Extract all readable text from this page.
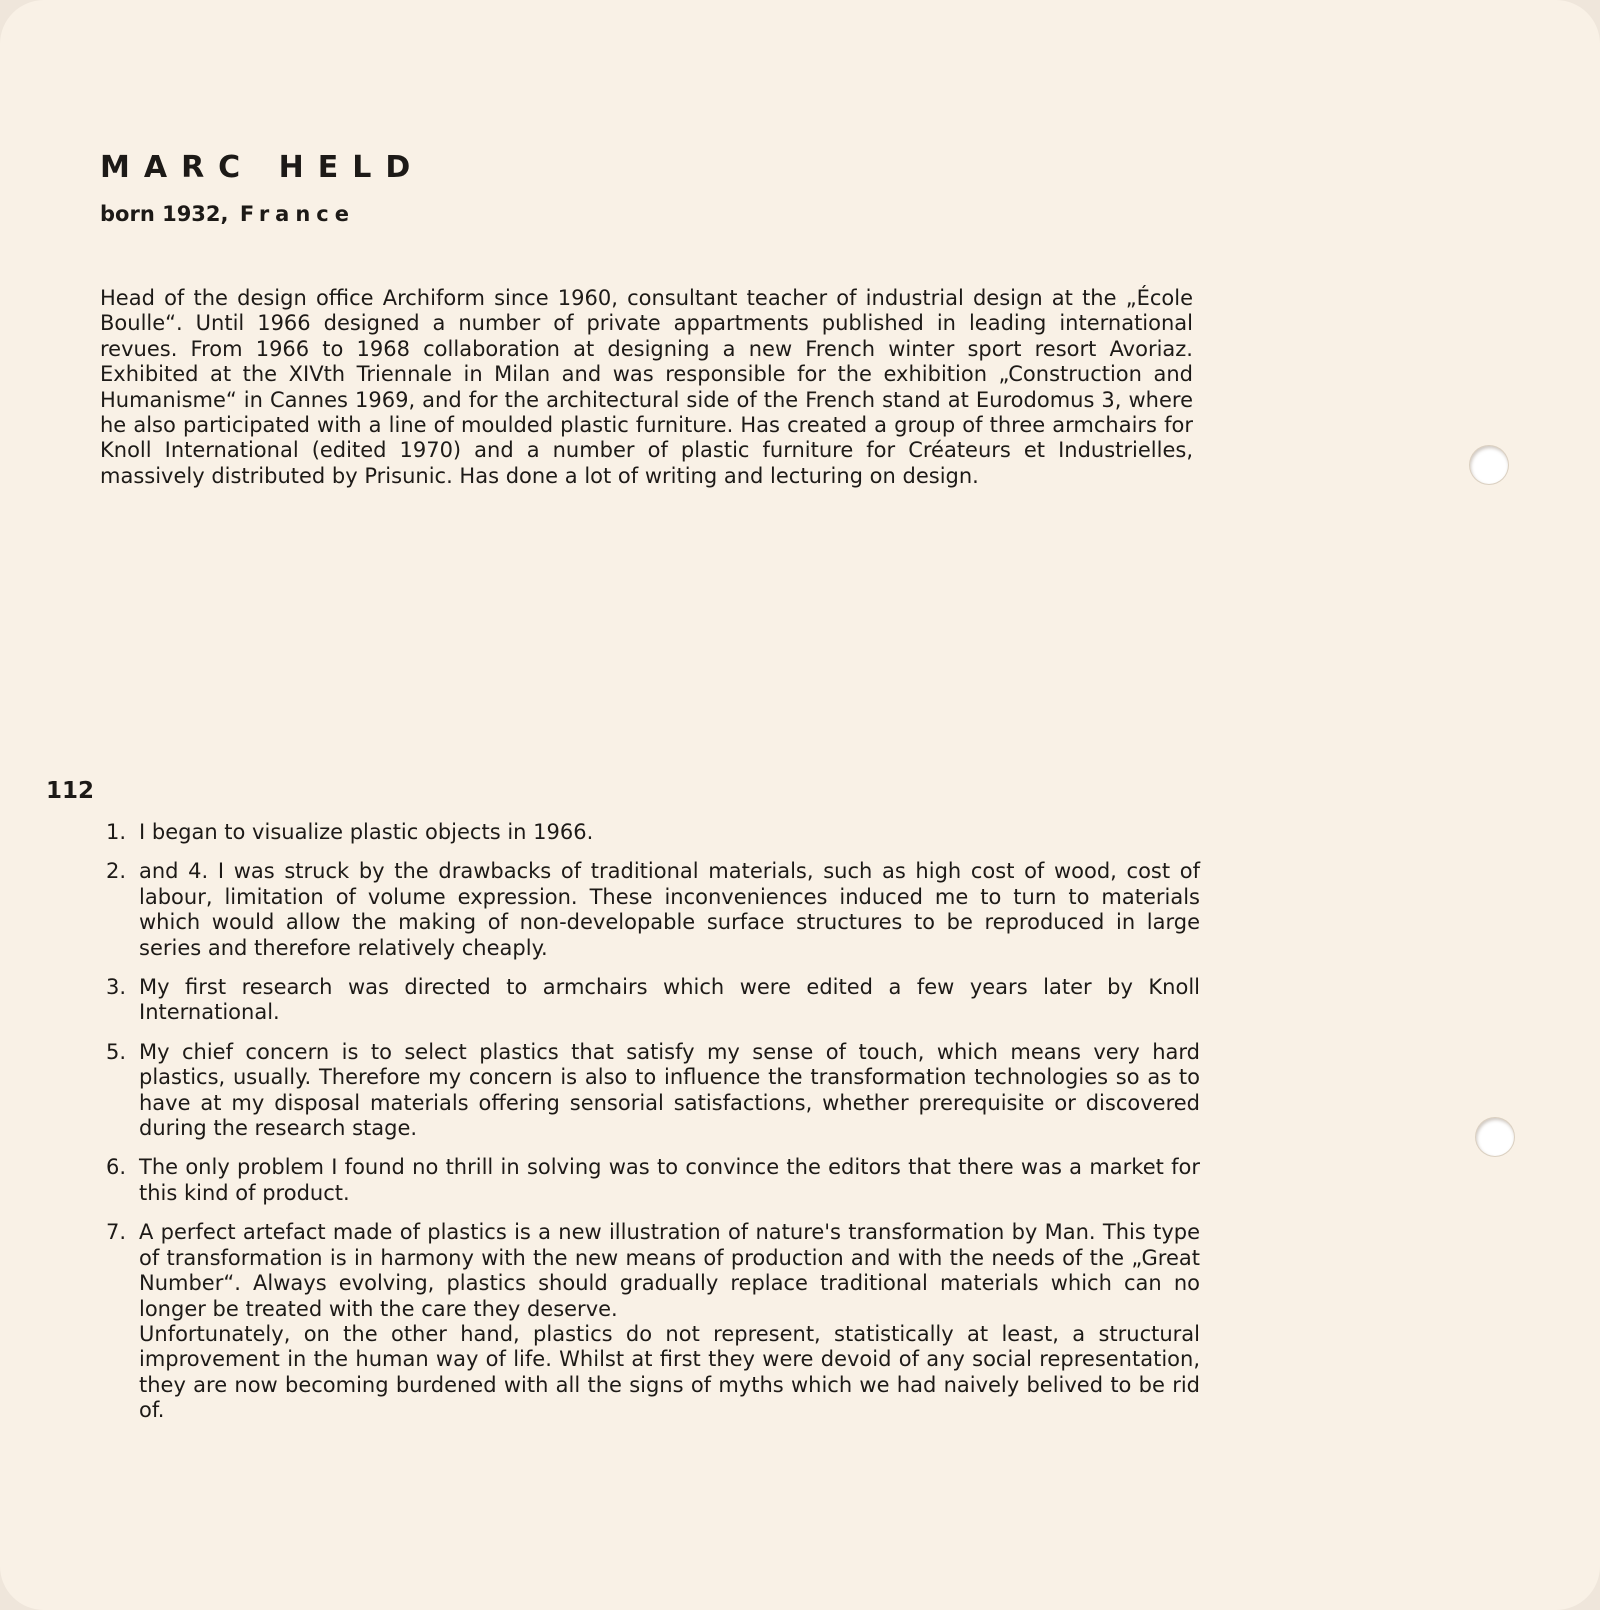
MARC HELD
born 1932, France

Head of the design office Archiform since 1960, consultant teacher of industrial design at the „École Boulle“. Until 1966 designed a number of private appartments published in leading international revues. From 1966 to 1968 collaboration at designing a new French winter sport resort Avoriaz. Exhibited at the XIVth Triennale in Milan and was responsible for the exhibition „Construction and Humanisme“ in Cannes 1969, and for the architectural side of the French stand at Eurodomus 3, where he also participated with a line of moulded plastic furniture. Has created a group of three armchairs for Knoll International (edited 1970) and a number of plastic furniture for Créateurs et Industrielles, massively distributed by Prisunic. Has done a lot of writing and lecturing on design.

112
1. I began to visualize plastic objects in 1966.

2. and 4. I was struck by the drawbacks of traditional materials, such as high cost of wood, cost of labour, limitation of volume expression. These inconveniences induced me to turn to materials which would allow the making of non-developable surface structures to be reproduced in large series and therefore relatively cheaply.

3. My first research was directed to armchairs which were edited a few years later by Knoll International.

5. My chief concern is to select plastics that satisfy my sense of touch, which means very hard plastics, usually. Therefore my concern is also to influence the transformation technologies so as to have at my disposal materials offering sensorial satisfactions, whether prerequisite or discovered during the research stage.

6. The only problem I found no thrill in solving was to convince the editors that there was a market for this kind of product.

7. A perfect artefact made of plastics is a new illustration of nature's transformation by Man. This type of transformation is in harmony with the new means of production and with the needs of the „Great Number“. Always evolving, plastics should gradually replace traditional materials which can no longer be treated with the care they deserve.

Unfortunately, on the other hand, plastics do not represent, statistically at least, a structural improvement in the human way of life. Whilst at first they were devoid of any social representation, they are now becoming burdened with all the signs of myths which we had naively belived to be rid of.
